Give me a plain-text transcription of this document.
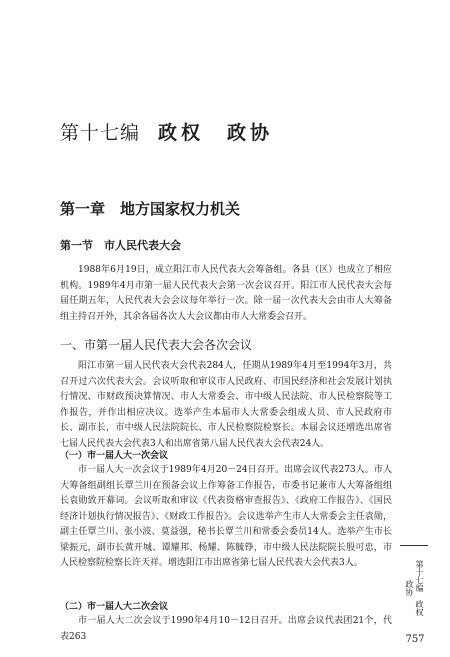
第十七编 政权　政协
第一章　地方国家权力机关
第一节　市人民代表大会

1988年6月19日，成立阳江市人民代表大会筹备组。各县（区）也成立了相应机构。1989年4月市第一届人民代表大会第一次会议召开。阳江市人民代表大会每届任期五年，人民代表大会会议每年举行一次。除一届一次代表大会由市人大筹备组主持召开外，其余各届各次人大会议都由市人大常委会召开。

一、市第一届人民代表大会各次会议

阳江市第一届人民代表大会代表284人，任期从1989年4月至1994年3月，共召开过六次代表大会。会议听取和审议市人民政府、市国民经济和社会发展计划执行情况、市财政预决算情况、市人大常委会、市中级人民法院、市人民检察院等工作报告，并作出相应决议。选举产生本届市人大常委会组成人员、市人民政府市长、副市长，市中级人民法院院长、市人民检察院检察长。本届会议还增选出席省七届人民代表大会代表3人和出席省第八届人民代表大会代表24人。

（一）市一届人大一次会议

市一届人大一次会议于1989年4月20－24日召开。出席会议代表273人。市人大筹备组副组长覃兰川在预备会议上作筹备工作报告，市委书记兼市人大筹备组组长袁勋致开幕词。会议听取和审议《代表资格审查报告》、《政府工作报告》、《国民经济计划执行情况报告》、《财政工作报告》。会议选举产生市人大常委会主任袁勋，副主任覃兰川、张小波、莫益强，秘书长覃兰川和常委会委员14人。选举产生市长梁振元，副市长黄开城、谭耀邦、杨耀、陈毓铮，市中级人民法院院长殷可忠，市人民检察院检察长许天祥。增选阳江市出席省第七届人民代表大会代表3人。

（二）市一届人大二次会议

市一届人大二次会议于1990年4月10－12日召开。出席会议代表团21个，代表263

第十七编　政权　政协
757
